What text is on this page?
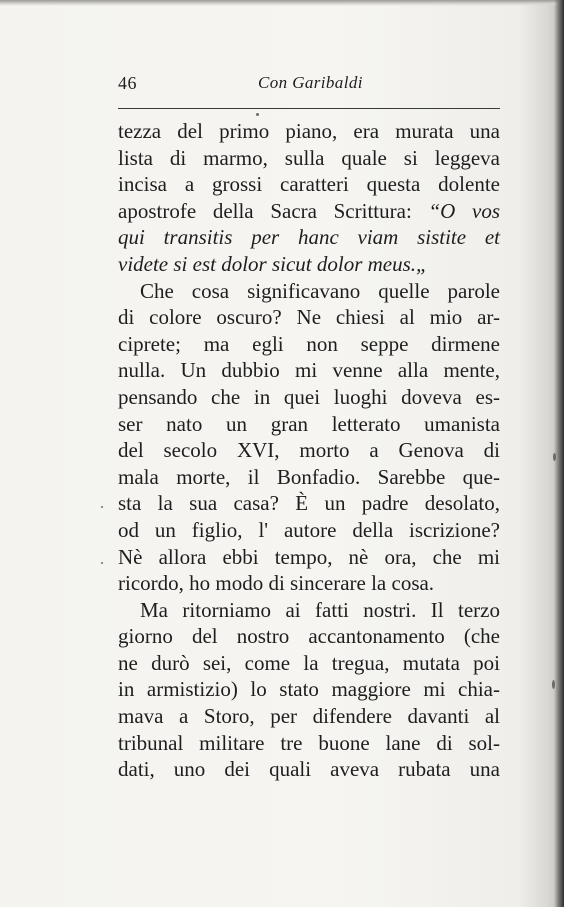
46	Con Garibaldi
tezza del primo piano, era murata una
lista di marmo, sulla quale si leggeva
incisa a grossi caratteri questa dolente
apostrofe della Sacra Scrittura: “O vos
qui transitis per hanc viam sistite et
videte si est dolor sicut dolor meus.„
Che cosa significavano quelle parole
di colore oscuro? Ne chiesi al mio ar-
ciprete; ma egli non seppe dirmene
nulla. Un dubbio mi venne alla mente,
pensando che in quei luoghi doveva es-
ser nato un gran letterato umanista
del secolo XVI, morto a Genova di
mala morte, il Bonfadio. Sarebbe que-
sta la sua casa? È un padre desolato,
od un figlio, l' autore della iscrizione?
Nè allora ebbi tempo, nè ora, che mi
ricordo, ho modo di sincerare la cosa.
Ma ritorniamo ai fatti nostri. Il terzo
giorno del nostro accantonamento (che
ne durò sei, come la tregua, mutata poi
in armistizio) lo stato maggiore mi chia-
mava a Storo, per difendere davanti al
tribunal militare tre buone lane di sol-
dati, uno dei quali aveva rubata una
